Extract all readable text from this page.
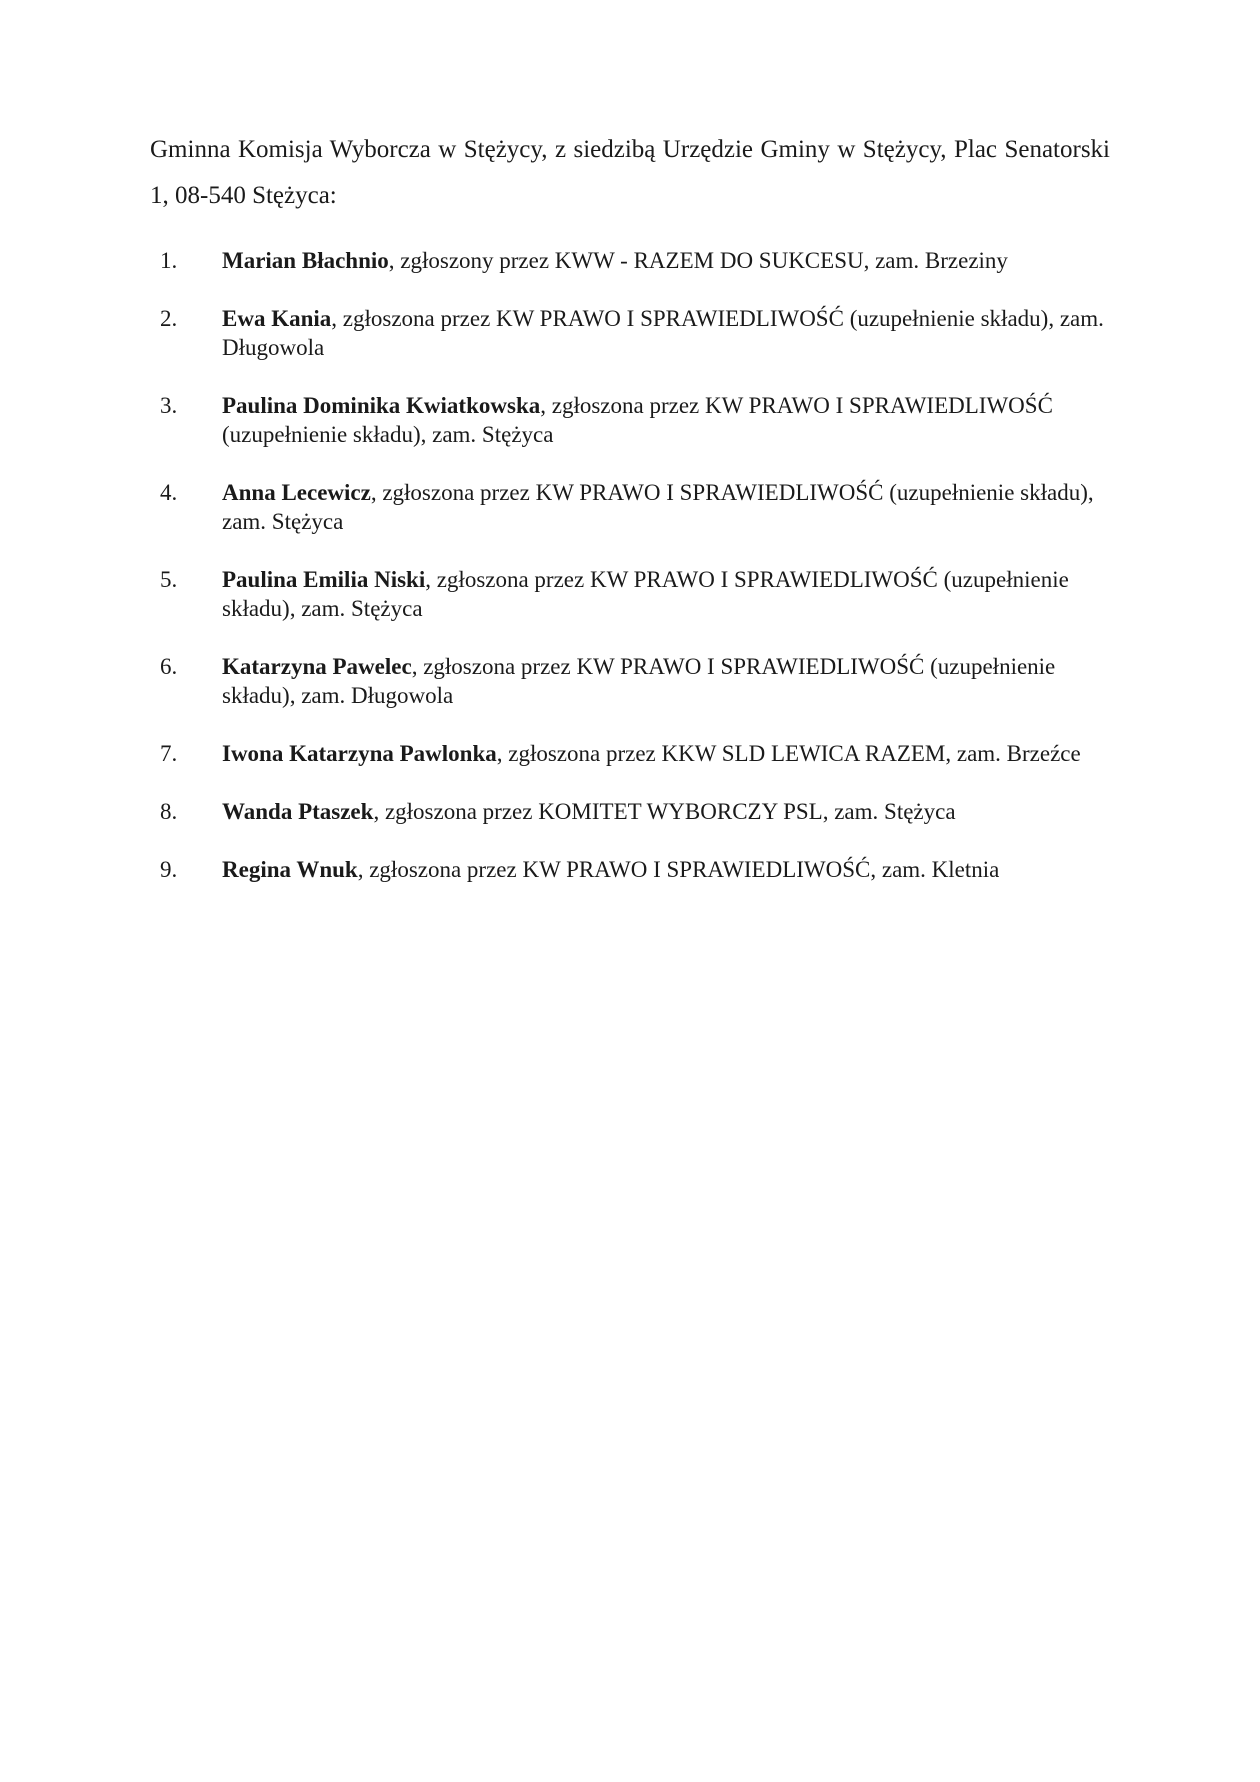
Gminna Komisja Wyborcza w Stężycy, z siedzibą Urzędzie Gminy w Stężycy, Plac Senatorski 1, 08-540 Stężyca:

1. Marian Błachnio, zgłoszony przez KWW - RAZEM DO SUKCESU, zam. Brzeziny
2. Ewa Kania, zgłoszona przez KW PRAWO I SPRAWIEDLIWOŚĆ (uzupełnienie składu), zam. Długowola
3. Paulina Dominika Kwiatkowska, zgłoszona przez KW PRAWO I SPRAWIEDLIWOŚĆ (uzupełnienie składu), zam. Stężyca
4. Anna Lecewicz, zgłoszona przez KW PRAWO I SPRAWIEDLIWOŚĆ (uzupełnienie składu), zam. Stężyca
5. Paulina Emilia Niski, zgłoszona przez KW PRAWO I SPRAWIEDLIWOŚĆ (uzupełnienie składu), zam. Stężyca
6. Katarzyna Pawelec, zgłoszona przez KW PRAWO I SPRAWIEDLIWOŚĆ (uzupełnienie składu), zam. Długowola
7. Iwona Katarzyna Pawlonka, zgłoszona przez KKW SLD LEWICA RAZEM, zam. Brzeźce
8. Wanda Ptaszek, zgłoszona przez KOMITET WYBORCZY PSL, zam. Stężyca
9. Regina Wnuk, zgłoszona przez KW PRAWO I SPRAWIEDLIWOŚĆ, zam. Kletnia
